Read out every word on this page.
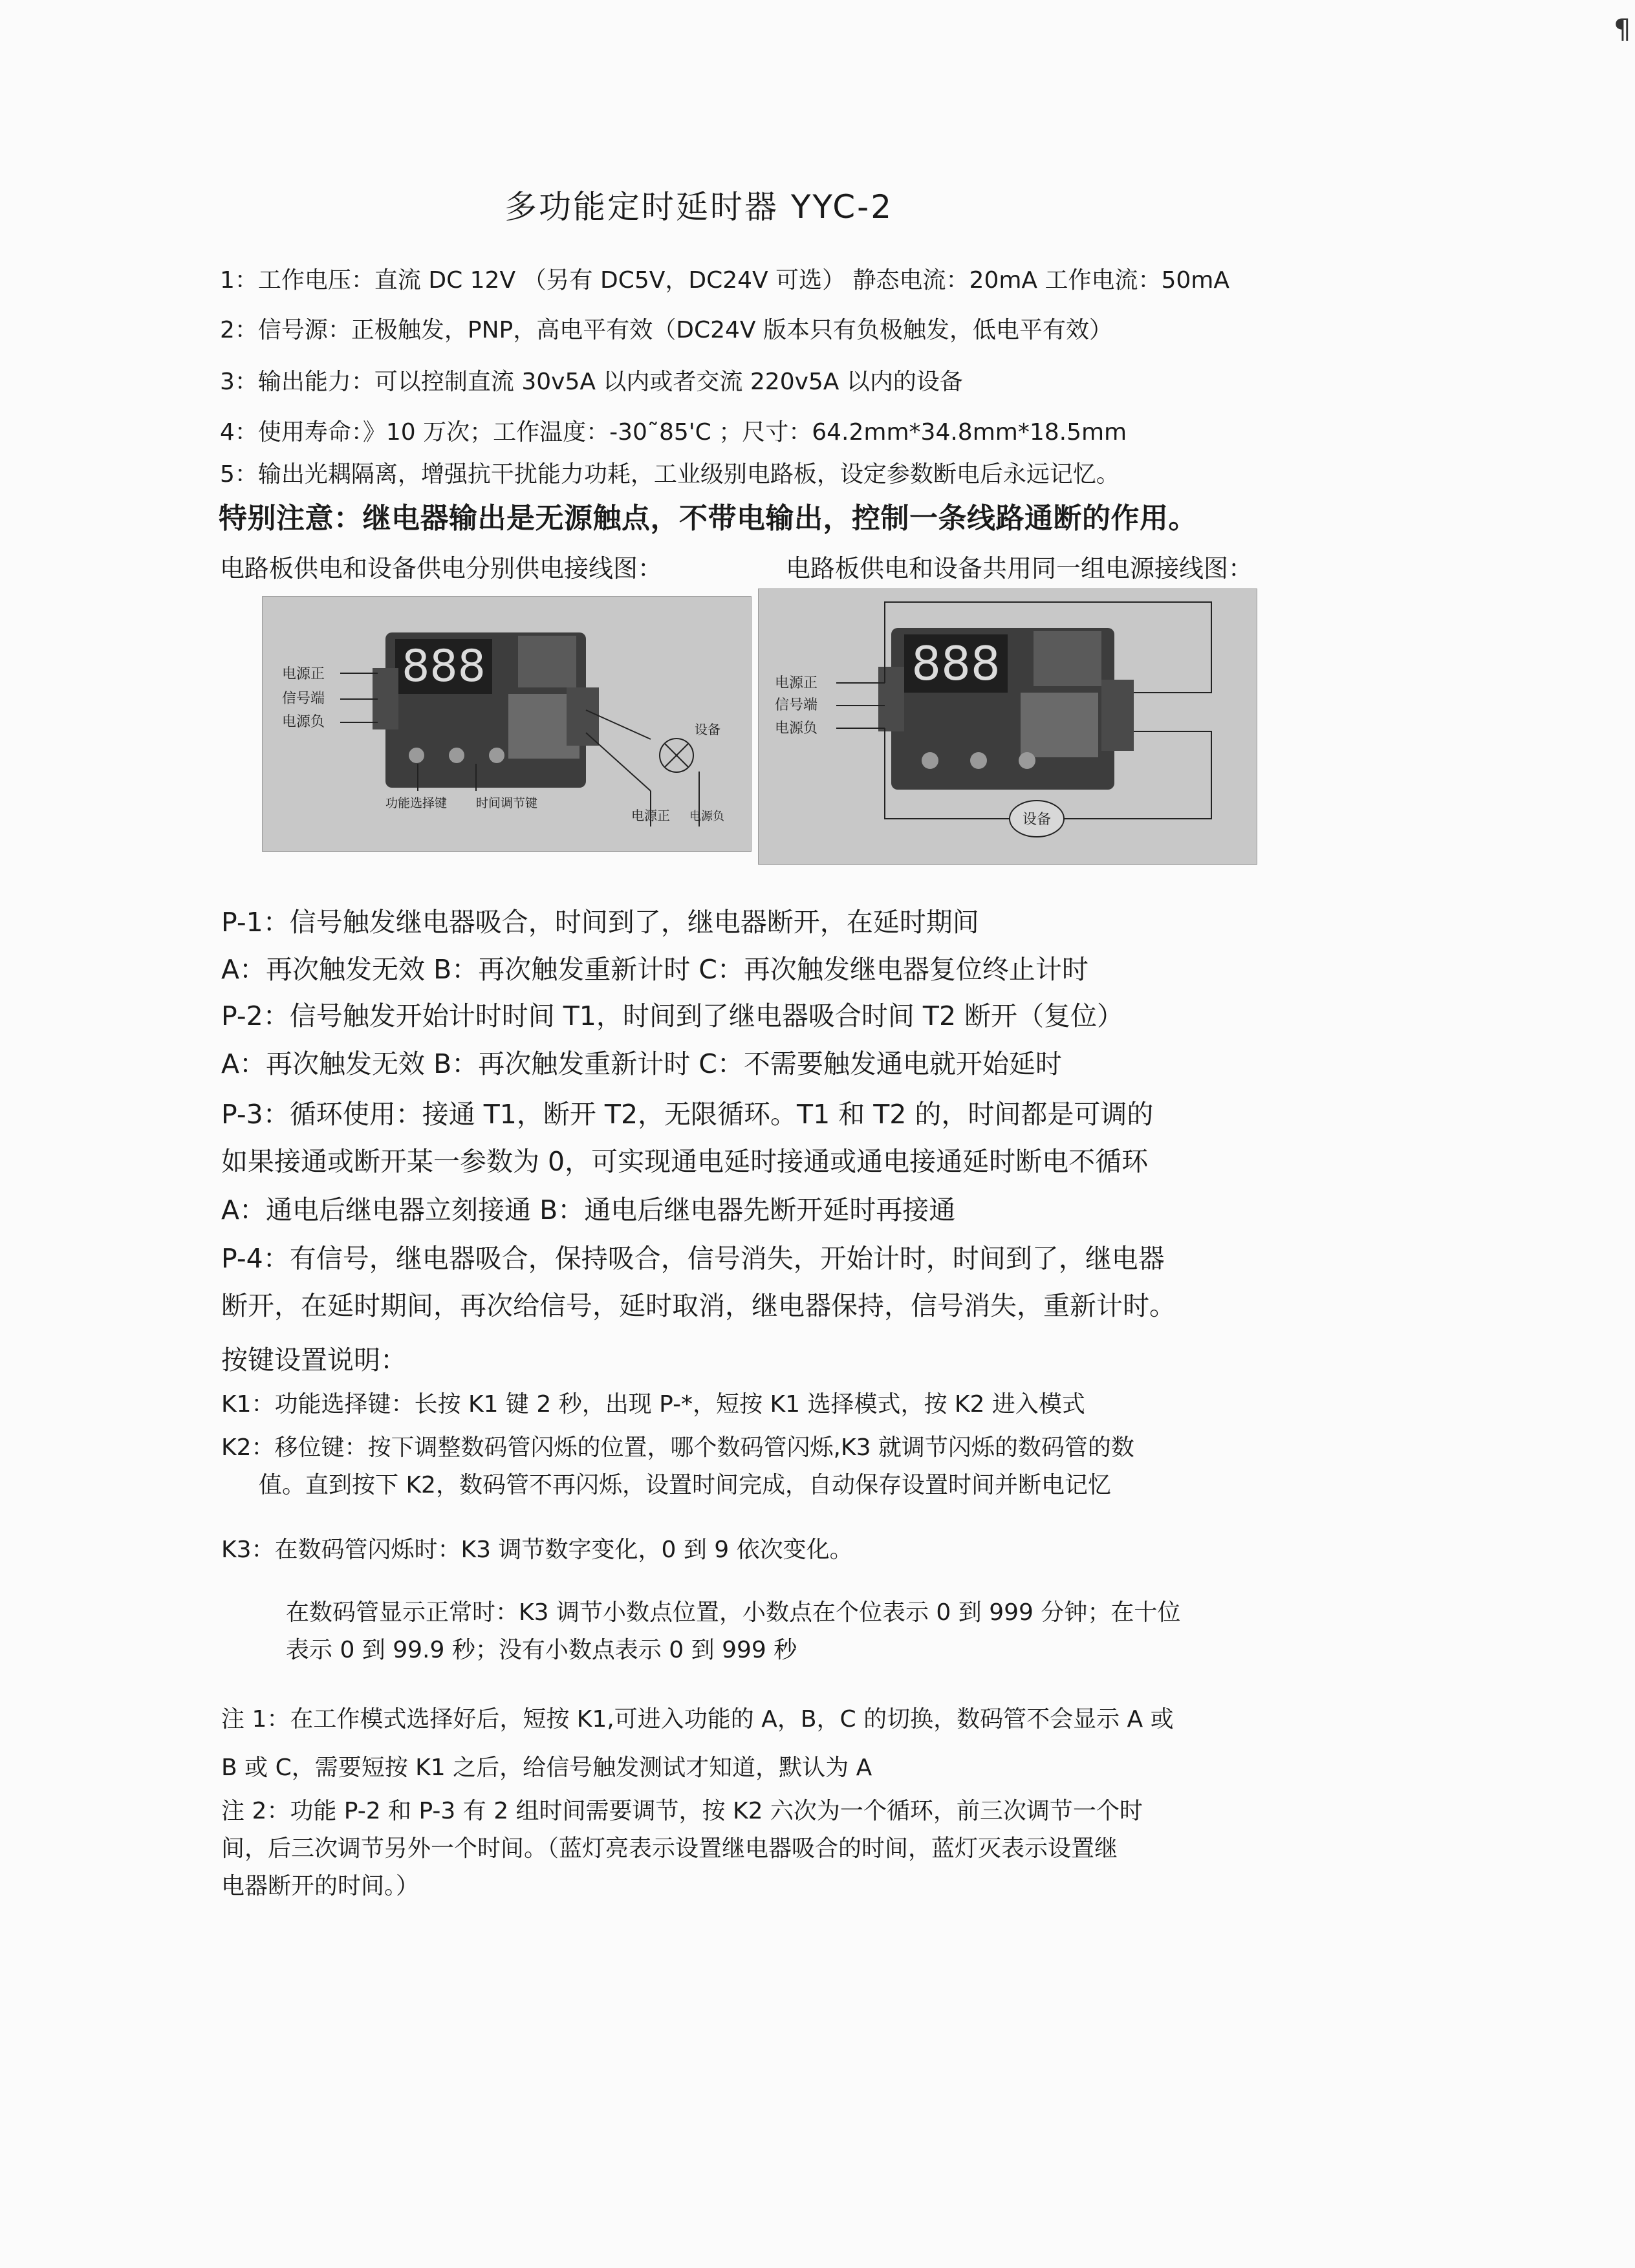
¶
多功能定时延时器 YYC-2
1：工作电压：直流 DC 12V （另有 DC5V，DC24V 可选） 静态电流：20mA 工作电流：50mA
2：信号源：正极触发，PNP，高电平有效（DC24V 版本只有负极触发，低电平有效）
3：输出能力：可以控制直流 30v5A 以内或者交流 220v5A 以内的设备
4：使用寿命：》10 万次；工作温度：-30˜85'C ；尺寸：64.2mm*34.8mm*18.5mm
5：输出光耦隔离，增强抗干扰能力功耗，工业级别电路板，设定参数断电后永远记忆。
特别注意：继电器输出是无源触点，不带电输出，控制一条线路通断的作用。
电路板供电和设备供电分别供电接线图：	电路板供电和设备共用同一组电源接线图：
888
电源正
信号端
电源负
功能选择键 时间调节键
设备
电源正 电源负
888
电源正
信号端
电源负
设备
P-1：信号触发继电器吸合，时间到了，继电器断开，在延时期间
A：再次触发无效 B：再次触发重新计时 C：再次触发继电器复位终止计时
P-2：信号触发开始计时时间 T1，时间到了继电器吸合时间 T2 断开（复位）
A：再次触发无效 B：再次触发重新计时 C：不需要触发通电就开始延时
P-3：循环使用：接通 T1，断开 T2，无限循环。T1 和 T2 的，时间都是可调的
如果接通或断开某一参数为 0，可实现通电延时接通或通电接通延时断电不循环
A：通电后继电器立刻接通 B：通电后继电器先断开延时再接通
P-4：有信号，继电器吸合，保持吸合，信号消失，开始计时，时间到了，继电器
断开，在延时期间，再次给信号，延时取消，继电器保持，信号消失，重新计时。
按键设置说明：
K1：功能选择键：长按 K1 键 2 秒，出现 P-*，短按 K1 选择模式，按 K2 进入模式
K2：移位键：按下调整数码管闪烁的位置，哪个数码管闪烁,K3 就调节闪烁的数码管的数
值。直到按下 K2，数码管不再闪烁，设置时间完成，自动保存设置时间并断电记忆
K3：在数码管闪烁时：K3 调节数字变化，0 到 9 依次变化。
在数码管显示正常时：K3 调节小数点位置，小数点在个位表示 0 到 999 分钟；在十位
表示 0 到 99.9 秒；没有小数点表示 0 到 999 秒
注 1：在工作模式选择好后，短按 K1,可进入功能的 A，B，C 的切换，数码管不会显示 A 或
B 或 C，需要短按 K1 之后，给信号触发测试才知道，默认为 A
注 2：功能 P-2 和 P-3 有 2 组时间需要调节，按 K2 六次为一个循环，前三次调节一个时
间，后三次调节另外一个时间。（蓝灯亮表示设置继电器吸合的时间，蓝灯灭表示设置继
电器断开的时间。）
